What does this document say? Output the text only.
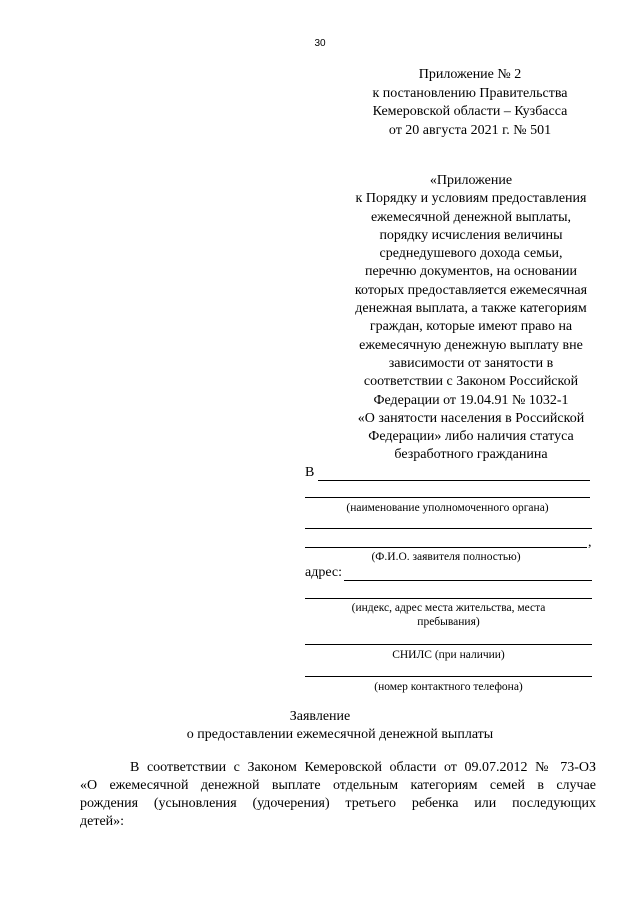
30
Приложение № 2
к постановлению Правительства
Кемеровской области – Кузбасса
от 20 августа 2021 г. № 501
«Приложение
к Порядку и условиям предоставления
ежемесячной денежной выплаты,
порядку исчисления величины
среднедушевого дохода семьи,
перечню документов, на основании
которых предоставляется ежемесячная
денежная выплата, а также категориям
граждан, которые имеют право на
ежемесячную денежную выплату вне
зависимости от занятости в
соответствии с Законом Российской
Федерации от 19.04.91 № 1032-1
«О занятости населения в Российской
Федерации» либо наличия статуса
безработного гражданина
В
(наименование уполномоченного органа)
,
(Ф.И.О. заявителя полностью)
адрес:
(индекс, адрес места жительства, места
пребывания)
СНИЛС (при наличии)
(номер контактного телефона)
Заявление
о предоставлении ежемесячной денежной выплаты

В соответствии с Законом Кемеровской области от 09.07.2012 № 73-ОЗ

«О ежемесячной денежной выплате отдельным категориям семей в случае

рождения (усыновления (удочерения) третьего ребенка или последующих

детей»:
